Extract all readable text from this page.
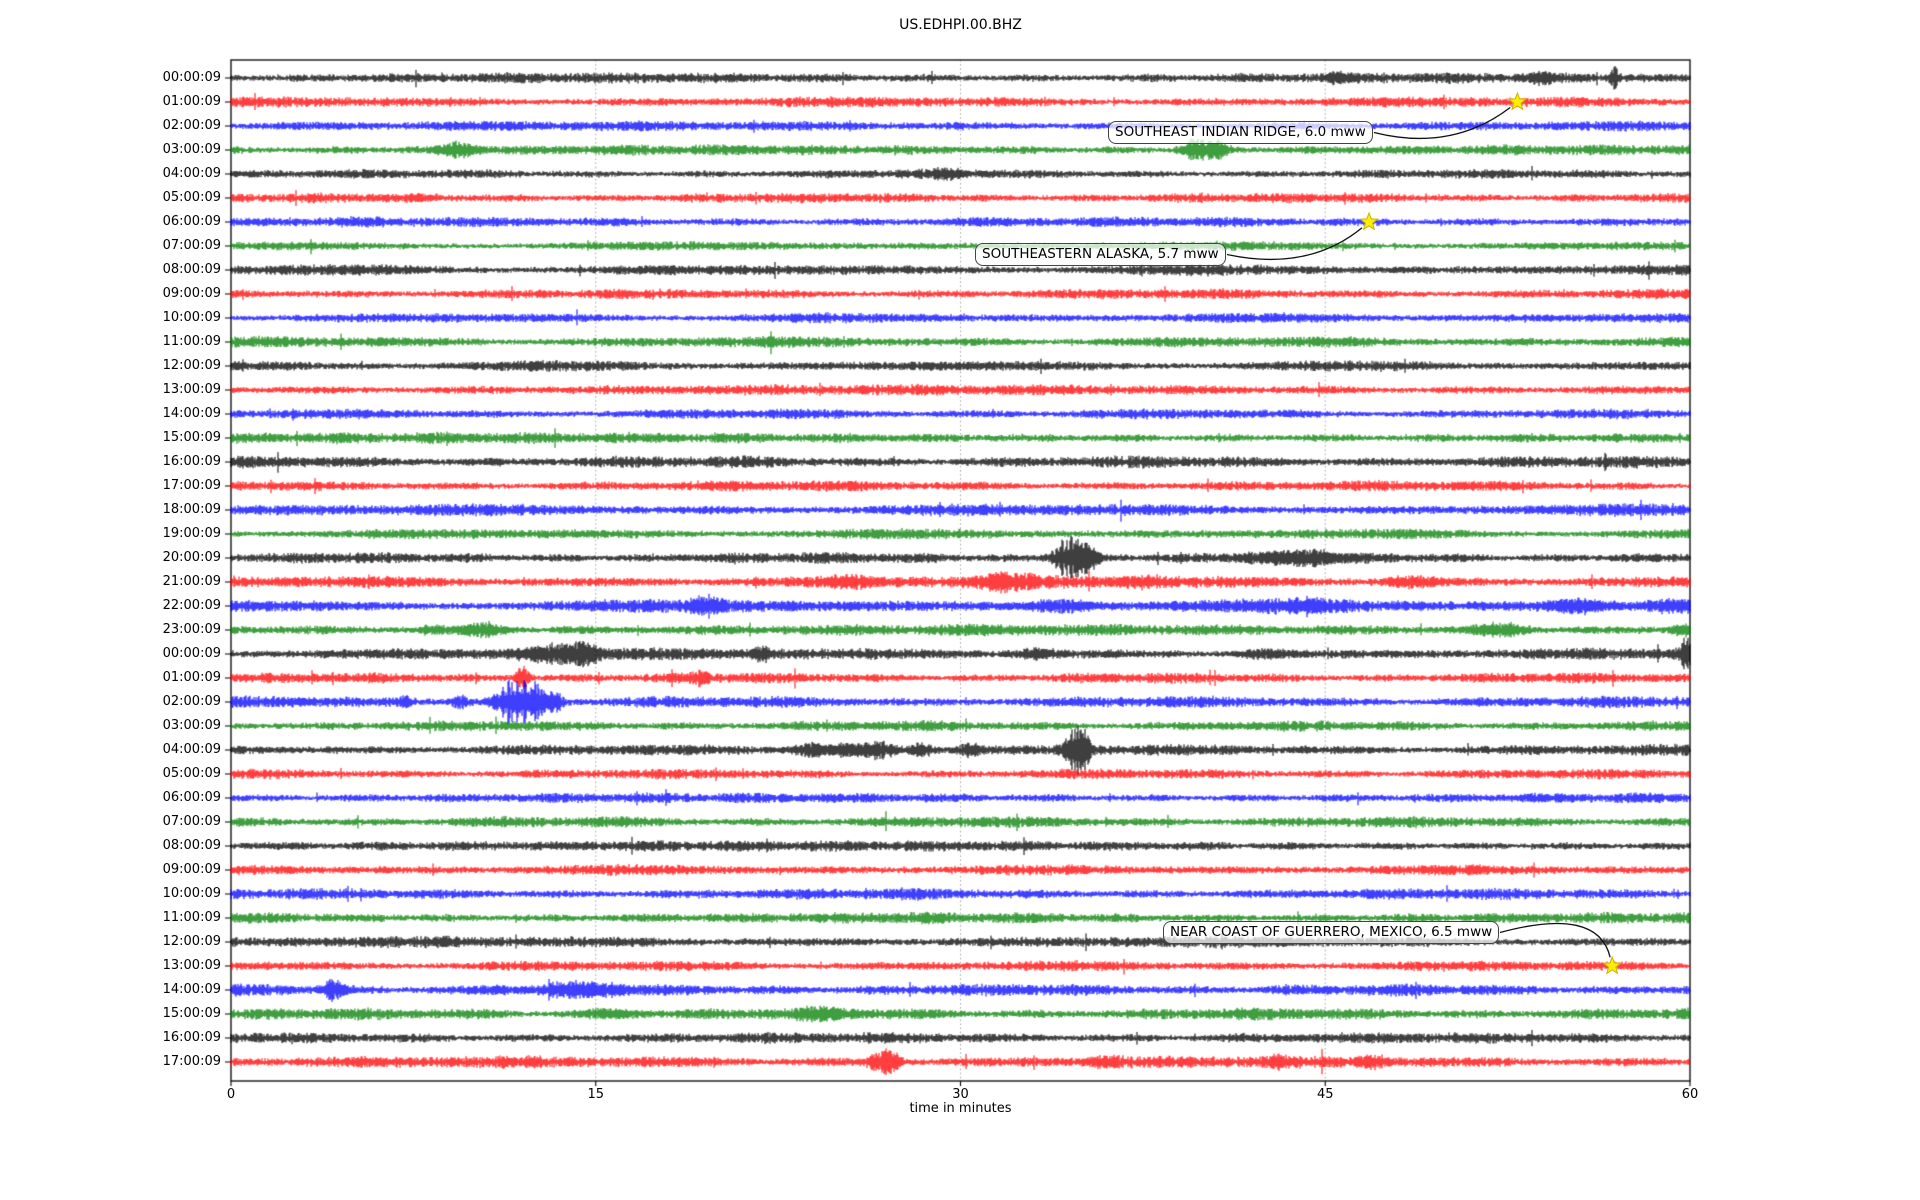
US.EDHPI.00.BHZ
time in minutes
00:00:09
01:00:09
02:00:09
03:00:09
04:00:09
05:00:09
06:00:09
07:00:09
08:00:09
09:00:09
10:00:09
11:00:09
12:00:09
13:00:09
14:00:09
15:00:09
16:00:09
17:00:09
18:00:09
19:00:09
20:00:09
21:00:09
22:00:09
23:00:09
00:00:09
01:00:09
02:00:09
03:00:09
04:00:09
05:00:09
06:00:09
07:00:09
08:00:09
09:00:09
10:00:09
11:00:09
12:00:09
13:00:09
14:00:09
15:00:09
16:00:09
17:00:09
0	15	30	45	60
SOUTHEAST INDIAN RIDGE, 6.0 mww
SOUTHEASTERN ALASKA, 5.7 mww
NEAR COAST OF GUERRERO, MEXICO, 6.5 mww
